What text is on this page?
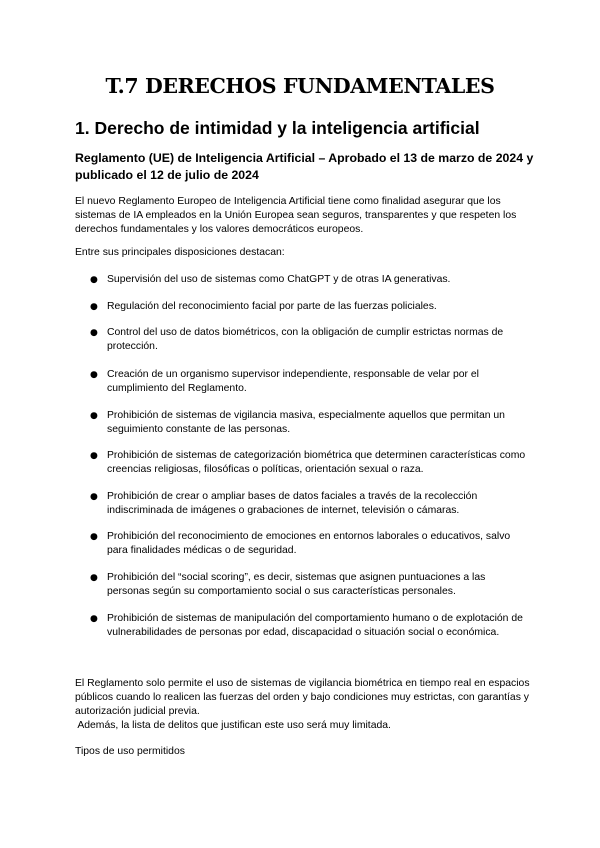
T.7 DERECHOS FUNDAMENTALES
1. Derecho de intimidad y la inteligencia artificial

Reglamento (UE) de Inteligencia Artificial – Aprobado el 13 de marzo de 2024 y publicado el 12 de julio de 2024

El nuevo Reglamento Europeo de Inteligencia Artificial tiene como finalidad asegurar que los sistemas de IA empleados en la Unión Europea sean seguros, transparentes y que respeten los derechos fundamentales y los valores democráticos europeos.

Entre sus principales disposiciones destacan:

● Supervisión del uso de sistemas como ChatGPT y de otras IA generativas.
● Regulación del reconocimiento facial por parte de las fuerzas policiales.
● Control del uso de datos biométricos, con la obligación de cumplir estrictas normas de protección.
● Creación de un organismo supervisor independiente, responsable de velar por el cumplimiento del Reglamento.
● Prohibición de sistemas de vigilancia masiva, especialmente aquellos que permitan un seguimiento constante de las personas.
● Prohibición de sistemas de categorización biométrica que determinen características como creencias religiosas, filosóficas o políticas, orientación sexual o raza.
● Prohibición de crear o ampliar bases de datos faciales a través de la recolección indiscriminada de imágenes o grabaciones de internet, televisión o cámaras.
● Prohibición del reconocimiento de emociones en entornos laborales o educativos, salvo para finalidades médicas o de seguridad.
● Prohibición del “social scoring”, es decir, sistemas que asignen puntuaciones a las personas según su comportamiento social o sus características personales.
● Prohibición de sistemas de manipulación del comportamiento humano o de explotación de vulnerabilidades de personas por edad, discapacidad o situación social o económica.

El Reglamento solo permite el uso de sistemas de vigilancia biométrica en tiempo real en espacios públicos cuando lo realicen las fuerzas del orden y bajo condiciones muy estrictas, con garantías y autorización judicial previa.

Además, la lista de delitos que justifican este uso será muy limitada.

Tipos de uso permitidos
